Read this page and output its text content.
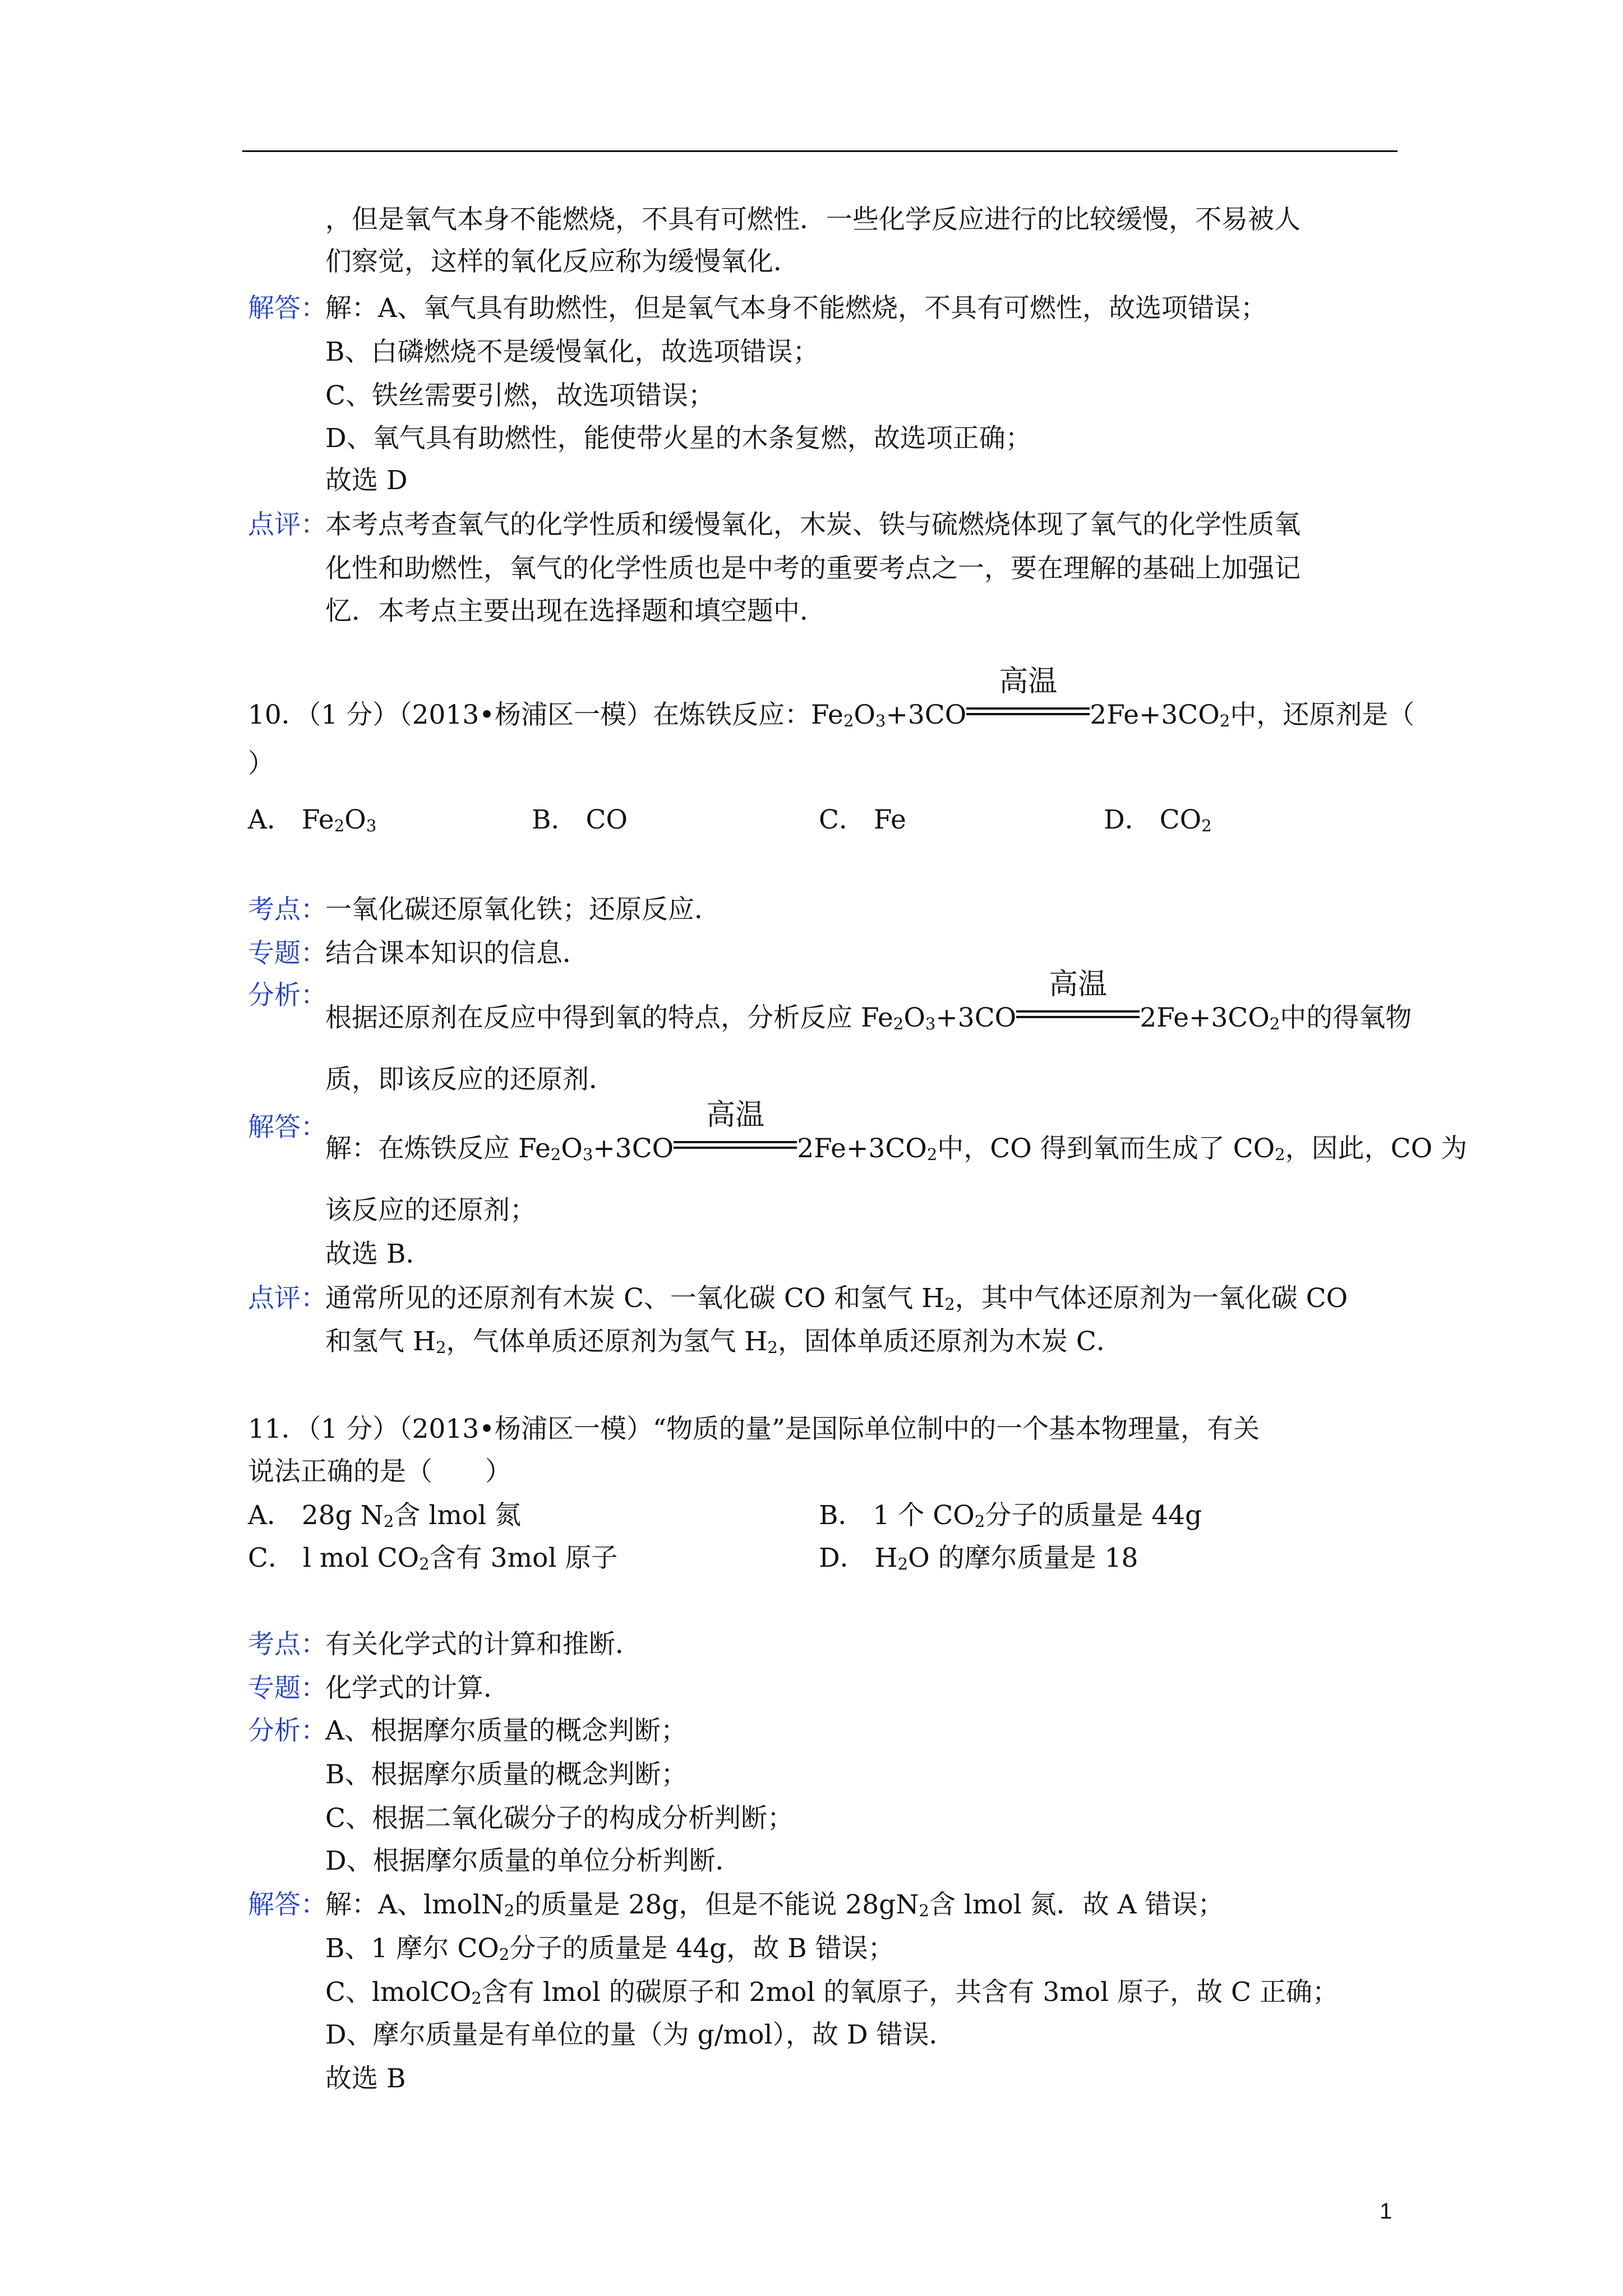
，但是氧气本身不能燃烧，不具有可燃性．一些化学反应进行的比较缓慢，不易被人
们察觉，这样的氧化反应称为缓慢氧化．
解答：
解：A、氧气具有助燃性，但是氧气本身不能燃烧，不具有可燃性，故选项错误；
B、白磷燃烧不是缓慢氧化，故选项错误；
C、铁丝需要引燃，故选项错误；
D、氧气具有助燃性，能使带火星的木条复燃，故选项正确；
故选 D
点评：
本考点考查氧气的化学性质和缓慢氧化，木炭、铁与硫燃烧体现了氧气的化学性质氧
化性和助燃性，氧气的化学性质也是中考的重要考点之一，要在理解的基础上加强记
忆．本考点主要出现在选择题和填空题中．
10．（1 分）（2013•杨浦区一模）在炼铁反应：$Fe_2O_3+3CO$
高温
$2Fe+3CO_2$中，还原剂是（
）
A． $Fe_2O_3$	B． CO	C． Fe	D． $CO_2$
考点：
一氧化碳还原氧化铁；还原反应．
专题：
结合课本知识的信息．
分析：
根据还原剂在反应中得到氧的特点，分析反应 $Fe_2O_3+3CO$
高温
$2Fe+3CO_2$中的得氧物
质，即该反应的还原剂．
解答：
解：在炼铁反应 $Fe_2O_3+3CO$
高温
$2Fe+3CO_2$中，CO 得到氧而生成了 $CO_2$，因此，CO 为
该反应的还原剂；
故选 B．
点评：
通常所见的还原剂有木炭 C、一氧化碳 CO 和氢气 $H_2$，其中气体还原剂为一氧化碳 CO
和氢气 $H_2$，气体单质还原剂为氢气 $H_2$，固体单质还原剂为木炭 C．
11．（1 分）（2013•杨浦区一模）“物质的量”是国际单位制中的一个基本物理量，有关
说法正确的是（　　）
A． 28g $N_2$含 lmol 氮	B． 1 个 $CO_2$分子的质量是 44g
C． l mol $CO_2$含有 3mol 原子	D． $H_2O$ 的摩尔质量是 18
考点：
有关化学式的计算和推断．
专题：
化学式的计算．
分析：
A、根据摩尔质量的概念判断；
B、根据摩尔质量的概念判断；
C、根据二氧化碳分子的构成分析判断；
D、根据摩尔质量的单位分析判断．
解答：
解：A、lmolN$_2$的质量是 28g，但是不能说 $28gN_2$含 lmol 氮．故 A 错误；
B、1 摩尔 $CO_2$分子的质量是 44g，故 B 错误；
C、lmolCO$_2$含有 lmol 的碳原子和 2mol 的氧原子，共含有 3mol 原子，故 C 正确；
D、摩尔质量是有单位的量（为 g/mol），故 D 错误．
故选 B
1
